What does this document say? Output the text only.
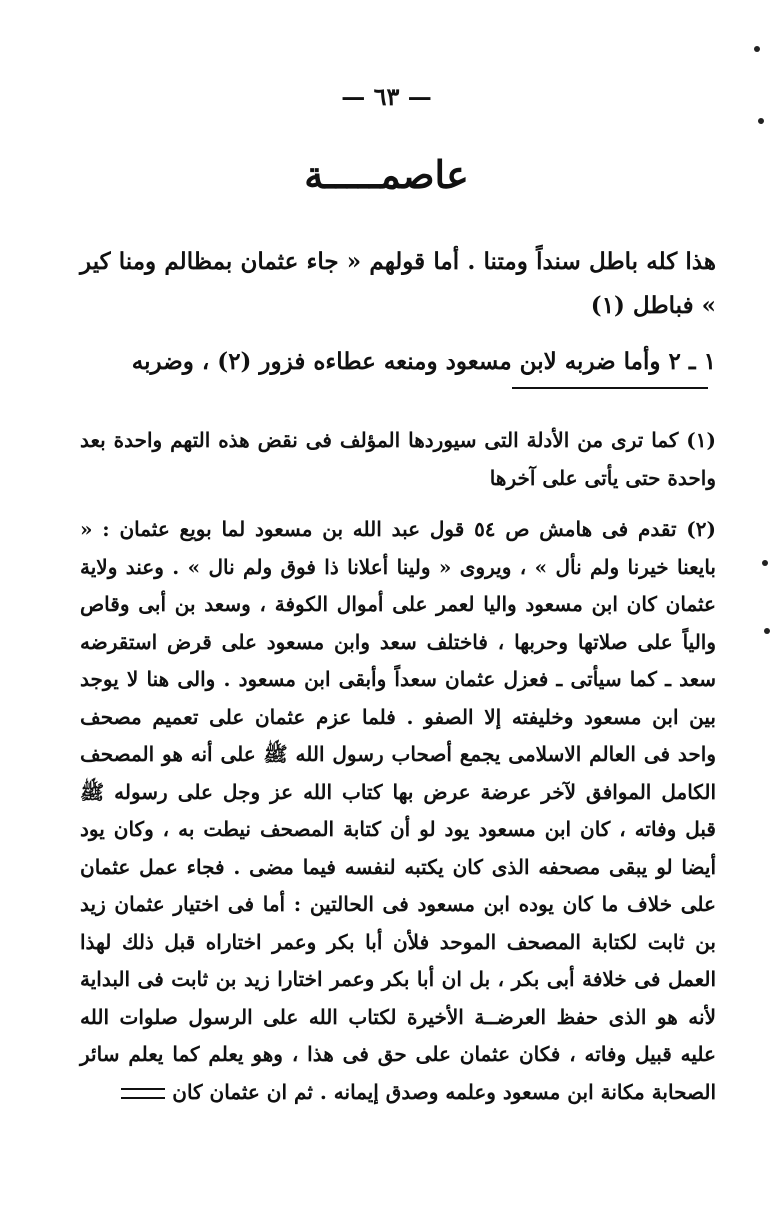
— ٦٣ —
عاصمـــــة

هذا كله باطل سنداً ومتنا . أما قولهم « جاء عثمان بمظالم ومنا كير » فباطل (١)

١ ـ ٢ وأما ضربه لابن مسعود ومنعه عطاءه فزور (٢) ، وضربه

(١) كما ترى من الأدلة التى سيوردها المؤلف فى نقض هذه التهم واحدة بعد واحدة حتى يأتى على آخرها

(٢) تقدم فى هامش ص ٥٤ قول عبد الله بن مسعود لما بويع عثمان : « بايعنا خيرنا ولم نأل » ، ويروى « ولينا أعلانا ذا فوق ولم نال » . وعند ولاية عثمان كان ابن مسعود واليا لعمر على أموال الكوفة ، وسعد بن أبى وقاص والياً على صلاتها وحربها ، فاختلف سعد وابن مسعود على قرض استقرضه سعد ـ كما سيأتى ـ فعزل عثمان سعداً وأبقى ابن مسعود . والى هنا لا يوجد بين ابن مسعود وخليفته إلا الصفو . فلما عزم عثمان على تعميم مصحف واحد فى العالم الاسلامى يجمع أصحاب رسول الله ﷺ على أنه هو المصحف الكامل الموافق لآخر عرضة عرض بها كتاب الله عز وجل على رسوله ﷺ قبل وفاته ، كان ابن مسعود يود لو أن كتابة المصحف نيطت به ، وكان يود أيضا لو يبقى مصحفه الذى كان يكتبه لنفسه فيما مضى . فجاء عمل عثمان على خلاف ما كان يوده ابن مسعود فى الحالتين : أما فى اختيار عثمان زيد بن ثابت لكتابة المصحف الموحد فلأن أبا بكر وعمر اختاراه قبل ذلك لهذا العمل فى خلافة أبى بكر ، بل ان أبا بكر وعمر اختارا زيد بن ثابت فى البداية لأنه هو الذى حفظ العرضــة الأخيرة لكتاب الله على الرسول صلوات الله عليه قبيل وفاته ، فكان عثمان على حق فى هذا ، وهو يعلم كما يعلم سائر الصحابة مكانة ابن مسعود وعلمه وصدق إيمانه . ثم ان عثمان كان
